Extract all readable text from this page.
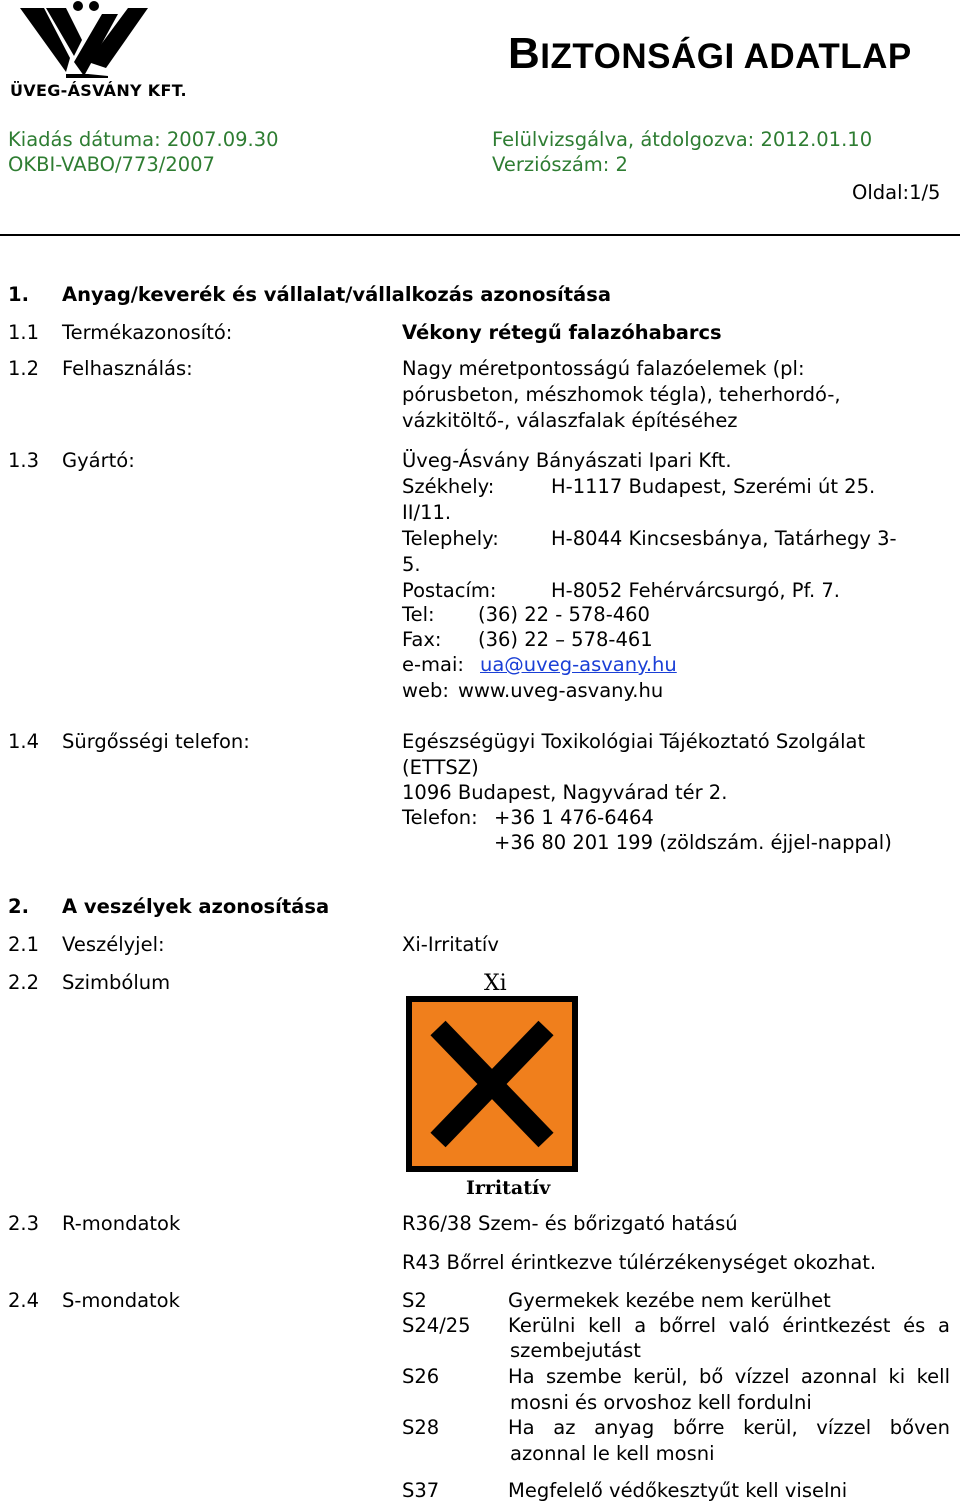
ÜVEG-ÁSVÁNY KFT.
BIZTONSÁGI ADATLAP
Kiadás dátuma: 2007.09.30
OKBI-VABO/773/2007
Felülvizsgálva, átdolgozva: 2012.01.10
Verziószám: 2
Oldal:1/5
1. Anyag/keverék és vállalat/vállalkozás azonosítása
1.1 Termékazonosító:	Vékony rétegű falazóhabarcs
1.2 Felhasználás:	Nagy méretpontosságú falazóelemek (pl:
pórusbeton, mészhomok tégla), teherhordó-,
vázkitöltő-, válaszfalak építéséhez
1.3 Gyártó:	Üveg-Ásvány Bányászati Ipari Kft.
Székhely:	H-1117 Budapest, Szerémi út 25.
II/11.
Telephely:	H-8044 Kincsesbánya, Tatárhegy 3-
5.
Postacím:	H-8052 Fehérvárcsurgó, Pf. 7.
Tel: (36) 22 - 578-460
Fax: (36) 22 – 578-461
e-mai: ua@uveg-asvany.hu
web: www.uveg-asvany.hu
1.4 Sürgősségi telefon:	Egészségügyi Toxikológiai Tájékoztató Szolgálat
(ETTSZ)
1096 Budapest, Nagyvárad tér 2.
Telefon: +36 1 476-6464
+36 80 201 199 (zöldszám. éjjel-nappal)
2. A veszélyek azonosítása
2.1 Veszélyjel:	Xi-Irritatív
2.2 Szimbólum	Xi
Irritatív
2.3 R-mondatok	R36/38 Szem- és bőrizgató hatású
R43 Bőrrel érintkezve túlérzékenységet okozhat.
2.4 S-mondatok	S2	Gyermekek kezébe nem kerülhet
S24/25 Kerülni kell a bőrrel való érintkezést és a
szembejutást
S26	Ha szembe kerül, bő vízzel azonnal ki kell
mosni és orvoshoz kell fordulni
S28	Ha az anyag bőrre kerül, vízzel bőven
azonnal le kell mosni
S37	Megfelelő védőkesztyűt kell viselni
